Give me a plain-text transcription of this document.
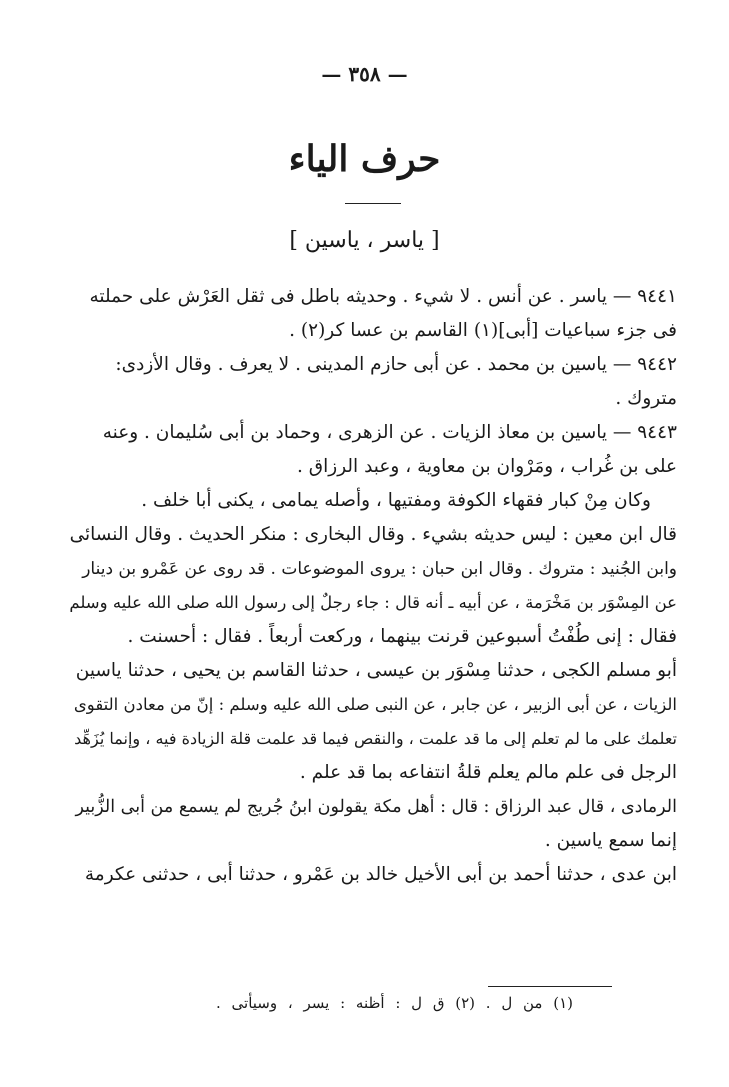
— ٣٥٨ —
حرف الياء
[ ياسر ، ياسين ]
٩٤٤١ — ياسر . عن أنس . لا شيء . وحديثه باطل فى ثقل العَرْش على حملته
فى جزء سباعيات [أبى](١) القاسم بن عسا كر(٢) .
٩٤٤٢ — ياسين بن محمد . عن أبى حازم المدينى . لا يعرف . وقال الأزدى:
متروك .
٩٤٤٣ — ياسين بن معاذ الزيات . عن الزهرى ، وحماد بن أبى سُليمان . وعنه
على بن غُراب ، ومَرْوان بن معاوية ، وعبد الرزاق .
وكان مِنْ كبار فقهاء الكوفة ومفتيها ، وأصله يمامى ، يكنى أبا خلف .
قال ابن معين : ليس حديثه بشيء . وقال البخارى : منكر الحديث . وقال النسائى
وابن الجُنيد : متروك . وقال ابن حبان : يروى الموضوعات . قد روى عن عَمْرو بن دينار
عن المِسْوَر بن مَخْرَمة ، عن أبيه ـ أنه قال : جاء رجلٌ إلى رسول الله صلى الله عليه وسلم
فقال : إنى طُفْتُ أسبوعين قرنت بينهما ، وركعت أربعاً . فقال : أحسنت .
أبو مسلم الكجى ، حدثنا مِسْوَر بن عيسى ، حدثنا القاسم بن يحيى ، حدثنا ياسين
الزيات ، عن أبى الزبير ، عن جابر ، عن النبى صلى الله عليه وسلم : إنّ من معادن التقوى
تعلمك على ما لم تعلم إلى ما قد علمت ، والنقص فيما قد علمت قلة الزيادة فيه ، وإنما يُزَهِّد
الرجل فى علم مالم يعلم قلةُ انتفاعه بما قد علم .
الرمادى ، قال عبد الرزاق : قال : أهل مكة يقولون ابنُ جُريج لم يسمع من أبى الزُّبير
إنما سمع ياسين .
ابن عدى ، حدثنا أحمد بن أبى الأخيل خالد بن عَمْرو ، حدثنا أبى ، حدثنى عكرمة
(١) من ل . (٢) ق ل : أظنه : يسر ، وسيأتى .
